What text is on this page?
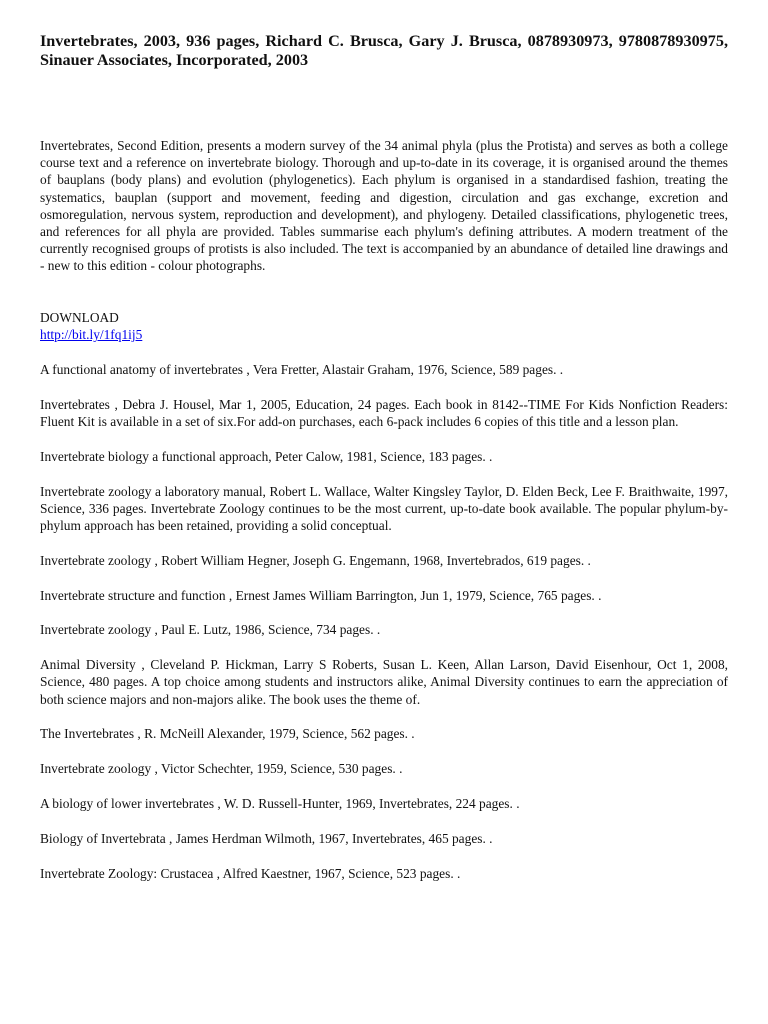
Invertebrates, 2003, 936 pages, Richard C. Brusca, Gary J. Brusca, 0878930973, 9780878930975, Sinauer Associates, Incorporated, 2003

Invertebrates, Second Edition, presents a modern survey of the 34 animal phyla (plus the Protista) and serves as both a college course text and a reference on invertebrate biology. Thorough and up-to-date in its coverage, it is organised around the themes of bauplans (body plans) and evolution (phylogenetics). Each phylum is organised in a standardised fashion, treating the systematics, bauplan (support and movement, feeding and digestion, circulation and gas exchange, excretion and osmoregulation, nervous system, reproduction and development), and phylogeny. Detailed classifications, phylogenetic trees, and references for all phyla are provided. Tables summarise each phylum's defining attributes. A modern treatment of the currently recognised groups of protists is also included. The text is accompanied by an abundance of detailed line drawings and - new to this edition - colour photographs.

DOWNLOAD
http://bit.ly/1fq1ij5
A functional anatomy of invertebrates , Vera Fretter, Alastair Graham, 1976, Science, 589 pages. .
Invertebrates , Debra J. Housel, Mar 1, 2005, Education, 24 pages. Each book in 8142--TIME For Kids Nonfiction Readers: Fluent Kit is available in a set of six.For add-on purchases, each 6-pack includes 6 copies of this title and a lesson plan.
Invertebrate biology a functional approach, Peter Calow, 1981, Science, 183 pages. .
Invertebrate zoology a laboratory manual, Robert L. Wallace, Walter Kingsley Taylor, D. Elden Beck, Lee F. Braithwaite, 1997, Science, 336 pages. Invertebrate Zoology continues to be the most current, up-to-date book available. The popular phylum-by-phylum approach has been retained, providing a solid conceptual.
Invertebrate zoology , Robert William Hegner, Joseph G. Engemann, 1968, Invertebrados, 619 pages. .
Invertebrate structure and function , Ernest James William Barrington, Jun 1, 1979, Science, 765 pages. .
Invertebrate zoology , Paul E. Lutz, 1986, Science, 734 pages. .
Animal Diversity , Cleveland P. Hickman, Larry S Roberts, Susan L. Keen, Allan Larson, David Eisenhour, Oct 1, 2008, Science, 480 pages. A top choice among students and instructors alike, Animal Diversity continues to earn the appreciation of both science majors and non-majors alike. The book uses the theme of.
The Invertebrates , R. McNeill Alexander, 1979, Science, 562 pages. .
Invertebrate zoology , Victor Schechter, 1959, Science, 530 pages. .
A biology of lower invertebrates , W. D. Russell-Hunter, 1969, Invertebrates, 224 pages. .
Biology of Invertebrata , James Herdman Wilmoth, 1967, Invertebrates, 465 pages. .
Invertebrate Zoology: Crustacea , Alfred Kaestner, 1967, Science, 523 pages. .
